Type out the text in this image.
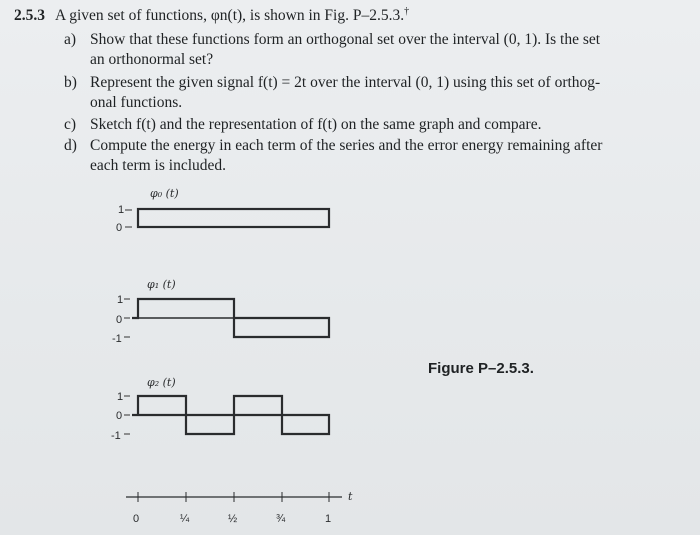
2.5.3 A given set of functions, φn(t), is shown in Fig. P–2.5.3.†
a) Show that these functions form an orthogonal set over the interval (0, 1). Is the set
an orthonormal set?
b) Represent the given signal f(t) = 2t over the interval (0, 1) using this set of orthog-
onal functions.
c) Sketch f(t) and the representation of f(t) on the same graph and compare.
d) Compute the energy in each term of the series and the error energy remaining after
each term is included.
φ₀ (t)
1
0
φ₁ (t)
1
0
-1
φ₂ (t)
1
0
-1
t
0	¼	½	¾	1
Figure P–2.5.3.
